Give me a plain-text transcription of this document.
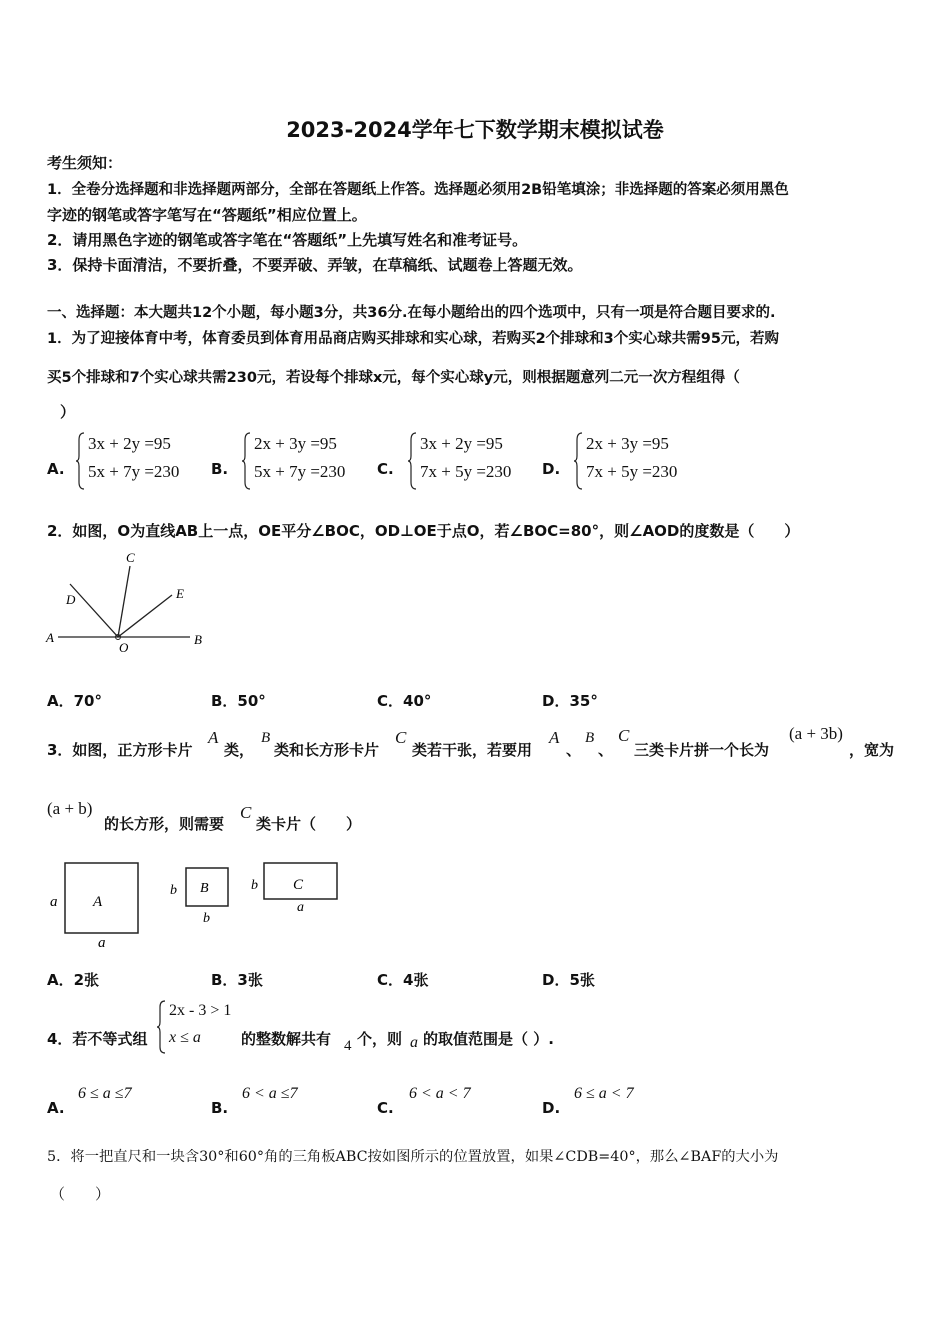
2023-2024学年七下数学期末模拟试卷
考生须知：
1．全卷分选择题和非选择题两部分，全部在答题纸上作答。选择题必须用2B铅笔填涂；非选择题的答案必须用黑色
字迹的钢笔或答字笔写在“答题纸”相应位置上。
2．请用黑色字迹的钢笔或答字笔在“答题纸”上先填写姓名和准考证号。
3．保持卡面清洁，不要折叠，不要弄破、弄皱，在草稿纸、试题卷上答题无效。
一、选择题：本大题共12个小题，每小题3分，共36分.在每小题给出的四个选项中，只有一项是符合题目要求的.
1．为了迎接体育中考，体育委员到体育用品商店购买排球和实心球，若购买2个排球和3个实心球共需95元，若购
买5个排球和7个实心球共需230元，若设每个排球x元，每个实心球y元，则根据题意列二元一次方程组得（
）
A.
3x + 2y =95
5x + 7y =230 B.
2x + 3y =95
5x + 7y =230 C.
3x + 2y =95
7x + 5y =230 D.
2x + 3y =95
7x + 5y =230
2．如图，O为直线AB上一点，OE平分∠BOC，OD⊥OE于点O，若∠BOC=80°，则∠AOD的度数是（　　）
A	B
C
D	E
O
A．70°	B．50°	C．40°	D．35°
3．如图，正方形卡片
A
类，
B
类和长方形卡片
C
类若干张，若要用
A
、
B
、
C
三类卡片拼一个长为
(a + 3b)
，宽为
(a + b)
的长方形，则需要
C
类卡片（　　）
a A
a
b B
b
b C
a
A．2张	B．3张	C．4张	D．5张
4．若不等式组
2x - 3 > 1
x ≤ a	的整数解共有 4 个，则 a 的取值范围是（ ）.
A.
6 ≤ a ≤7
B.
6 < a ≤7
C.
6 < a < 7
D.
6 ≤ a < 7
5．将一把直尺和一块含30°和60°角的三角板ABC按如图所示的位置放置，如果∠CDB=40°，那么∠BAF的大小为
（　　）
